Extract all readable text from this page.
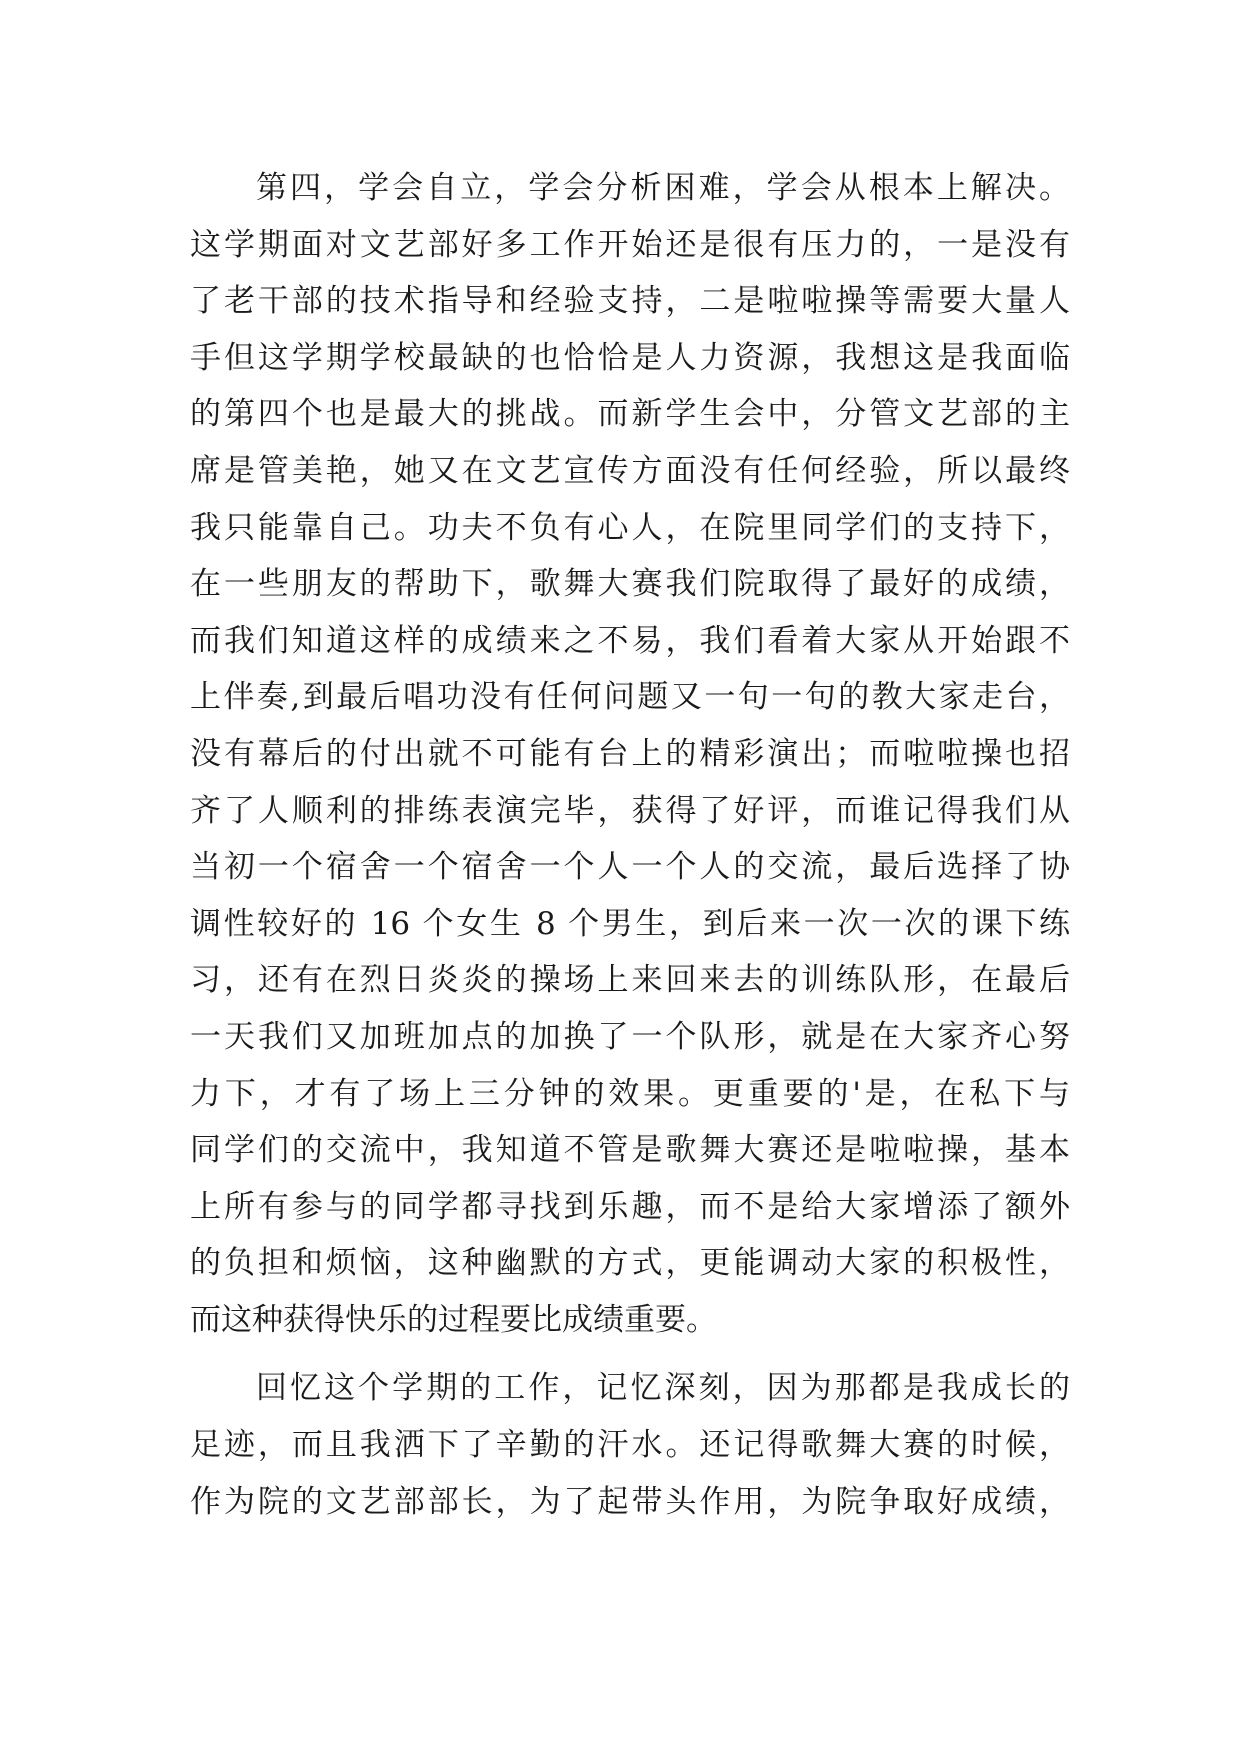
第四，学会自立，学会分析困难，学会从根本上解决。
这学期面对文艺部好多工作开始还是很有压力的，一是没有
了老干部的技术指导和经验支持，二是啦啦操等需要大量人
手但这学期学校最缺的也恰恰是人力资源，我想这是我面临
的第四个也是最大的挑战。而新学生会中，分管文艺部的主
席是管美艳，她又在文艺宣传方面没有任何经验，所以最终
我只能靠自己。功夫不负有心人，在院里同学们的支持下，
在一些朋友的帮助下，歌舞大赛我们院取得了最好的成绩，
而我们知道这样的成绩来之不易，我们看着大家从开始跟不
上伴奏,到最后唱功没有任何问题又一句一句的教大家走台，
没有幕后的付出就不可能有台上的精彩演出；而啦啦操也招
齐了人顺利的排练表演完毕，获得了好评，而谁记得我们从
当初一个宿舍一个宿舍一个人一个人的交流，最后选择了协
调性较好的 16 个女生 8 个男生，到后来一次一次的课下练
习，还有在烈日炎炎的操场上来回来去的训练队形，在最后
一天我们又加班加点的加换了一个队形，就是在大家齐心努
力下，才有了场上三分钟的效果。更重要的'是，在私下与
同学们的交流中，我知道不管是歌舞大赛还是啦啦操，基本
上所有参与的同学都寻找到乐趣，而不是给大家增添了额外
的负担和烦恼，这种幽默的方式，更能调动大家的积极性，
而这种获得快乐的过程要比成绩重要。
回忆这个学期的工作，记忆深刻，因为那都是我成长的
足迹，而且我洒下了辛勤的汗水。还记得歌舞大赛的时候，
作为院的文艺部部长，为了起带头作用，为院争取好成绩，
